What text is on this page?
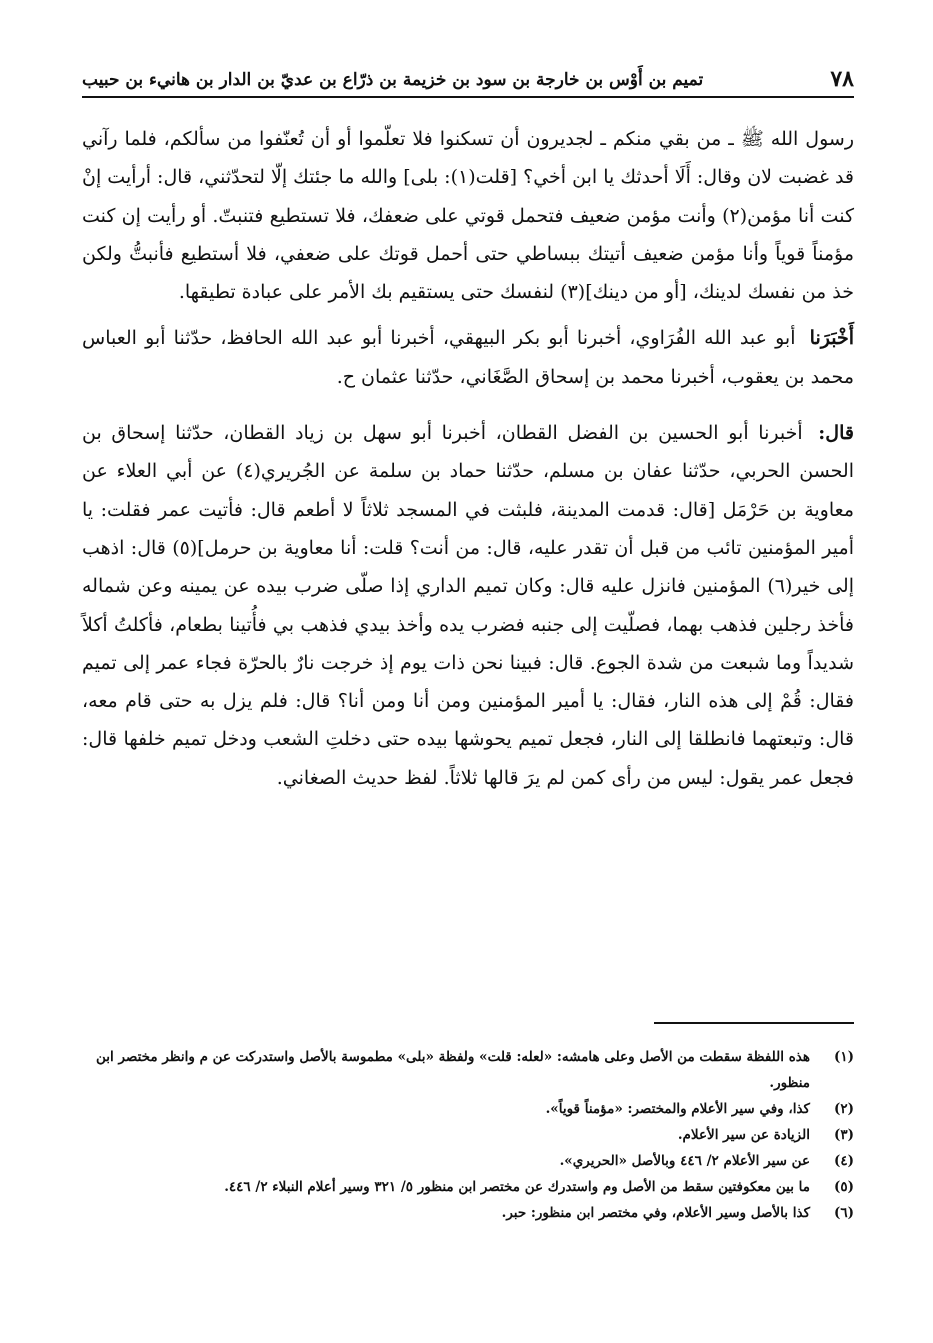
٧٨
تميم بن أَوْس بن خارجة بن سود بن خزيمة بن ذرّاع بن عديّ بن الدار بن هانيء بن حبيب

رسول الله ﷺ ـ من بقي منكم ـ لجديرون أن تسكنوا فلا تعلّموا أو أن تُعنّفوا من سألكم، فلما رآني قد غضبت لان وقال: أَلَا أحدثك يا ابن أخي؟ [قلت(١): بلى] والله ما جئتك إلّا لتحدّثني، قال: أرأيت إنْ كنت أنا مؤمن(٢) وأنت مؤمن ضعيف فتحمل قوتي على ضعفك، فلا تستطيع فتنبتّ. أو رأيت إن كنت مؤمناً قوياً وأنا مؤمن ضعيف أتيتك ببساطي حتى أحمل قوتك على ضعفي، فلا أستطيع فأنبتُّ ولكن خذ من نفسك لدينك، [أو من دينك](٣) لنفسك حتى يستقيم بك الأمر على عبادة تطيقها.

أَخْبَرَنا أبو عبد الله الفُرَاوي، أخبرنا أبو بكر البيهقي، أخبرنا أبو عبد الله الحافظ، حدّثنا أبو العباس محمد بن يعقوب، أخبرنا محمد بن إسحاق الصَّغَاني، حدّثنا عثمان ح.

قال: أخبرنا أبو الحسين بن الفضل القطان، أخبرنا أبو سهل بن زياد القطان، حدّثنا إسحاق بن الحسن الحربي، حدّثنا عفان بن مسلم، حدّثنا حماد بن سلمة عن الجُريري(٤) عن أبي العلاء عن معاوية بن حَرْمَل [قال: قدمت المدينة، فلبثت في المسجد ثلاثاً لا أطعم قال: فأتيت عمر فقلت: يا أمير المؤمنين تائب من قبل أن تقدر عليه، قال: من أنت؟ قلت: أنا معاوية بن حرمل](٥) قال: اذهب إلى خير(٦) المؤمنين فانزل عليه قال: وكان تميم الداري إذا صلّى ضرب بيده عن يمينه وعن شماله فأخذ رجلين فذهب بهما، فصلّيت إلى جنبه فضرب يده وأخذ بيدي فذهب بي فأُتينا بطعام، فأكلتُ أكلاً شديداً وما شبعت من شدة الجوع. قال: فبينا نحن ذات يوم إذ خرجت نارٌ بالحرّة فجاء عمر إلى تميم فقال: قُمْ إلى هذه النار، فقال: يا أمير المؤمنين ومن أنا ومن أنا؟ قال: فلم يزل به حتى قام معه، قال: وتبعتهما فانطلقا إلى النار، فجعل تميم يحوشها بيده حتى دخلتِ الشعب ودخل تميم خلفها قال: فجعل عمر يقول: ليس من رأى كمن لم يرَ قالها ثلاثاً. لفظ حديث الصغاني.

(١)
هذه اللفظة سقطت من الأصل وعلى هامشه: «لعله: قلت» ولفظة «بلى» مطموسة بالأصل واستدركت عن م وانظر مختصر ابن منظور.

(٢)
كذا، وفي سير الأعلام والمختصر: «مؤمناً قوياً».

(٣)
الزيادة عن سير الأعلام.

(٤)
عن سير الأعلام ٢/ ٤٤٦ وبالأصل «الحريري».

(٥)
ما بين معكوفتين سقط من الأصل وم واستدرك عن مختصر ابن منظور ٥/ ٣٢١ وسير أعلام النبلاء ٢/ ٤٤٦.

(٦)
كذا بالأصل وسير الأعلام، وفي مختصر ابن منظور: حبر.
